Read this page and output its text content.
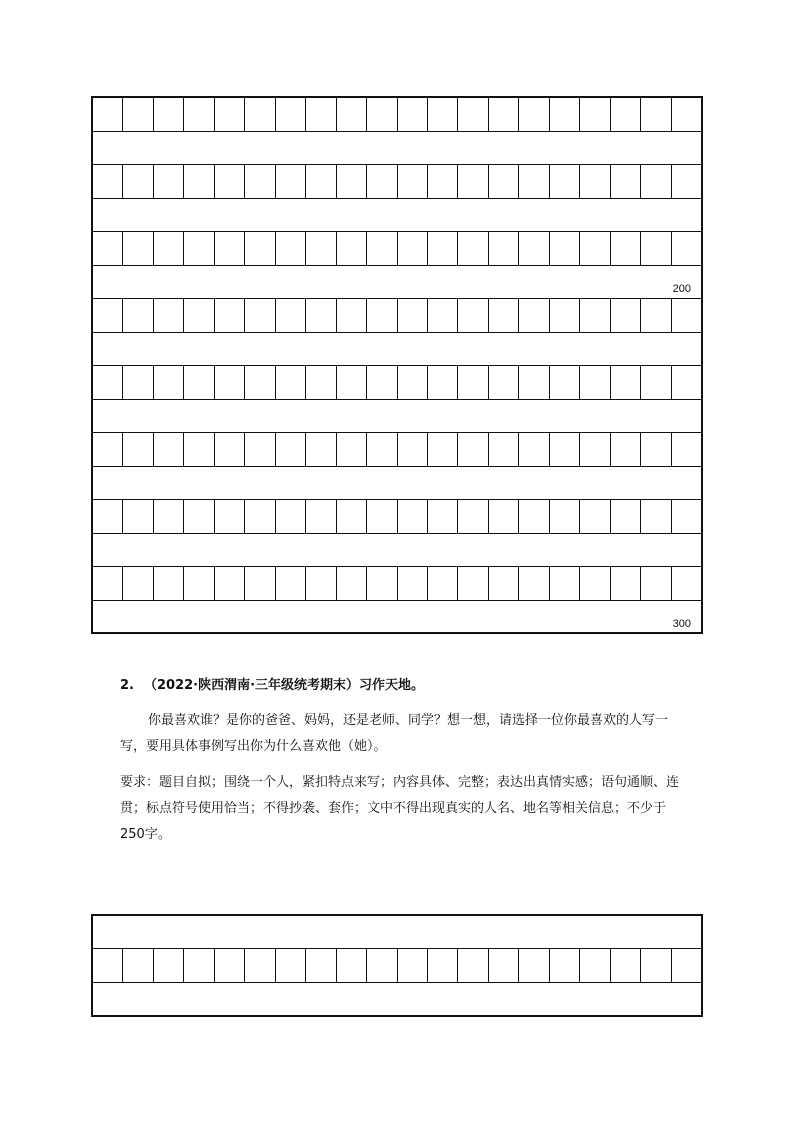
200
300
2. （2022·陕西渭南·三年级统考期末）习作天地。

你最喜欢谁？是你的爸爸、妈妈，还是老师、同学？想一想，请选择一位你最喜欢的人写一写，要用具体事例写出你为什么喜欢他（她）。

要求：题目自拟；围绕一个人，紧扣特点来写；内容具体、完整；表达出真情实感；语句通顺、连贯；标点符号使用恰当；不得抄袭、套作；文中不得出现真实的人名、地名等相关信息；不少于 250字。
